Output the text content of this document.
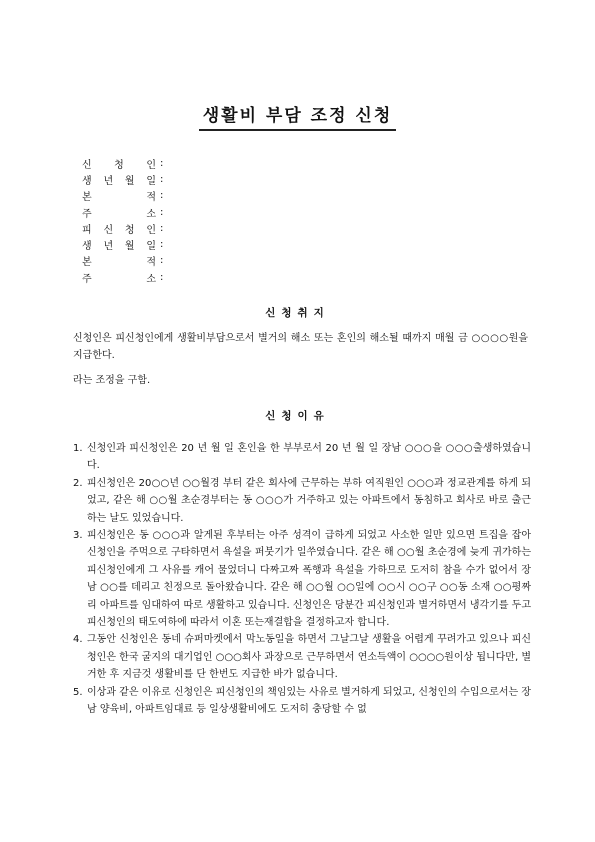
생활비 부담 조정 신청
신 청 인 :
생 년 월 일 :
본	적 :
주	소 :
피 신 청 인 :
생 년 월 일 :
본	적 :
주	소 :
신청취지
신청인은 피신청인에게 생활비부담으로서 별거의 해소 또는 혼인의 해소될 때까지 매월 금 ○○○○원을 지급한다.
라는 조정을 구함.
신청이유
1. 신청인과 피신청인은 20 년 월 일 혼인을 한 부부로서 20 년 월 일 장남 ○○○을 ○○○출생하였습니다.
2. 피신청인은 20○○년 ○○월경 부터 같은 회사에 근무하는 부하 여직원인 ○○○과 정교관계를 하게 되었고, 같은 해 ○○월 초순경부터는 동 ○○○가 거주하고 있는 아파트에서 동침하고 회사로 바로 출근하는 날도 있었습니다.
3. 피신청인은 동 ○○○과 알게된 후부터는 아주 성격이 급하게 되었고 사소한 일만 있으면 트집을 잡아 신청인을 주먹으로 구타하면서 욕설을 퍼붓기가 일쑤였습니다. 같은 해 ○○월 초순경에 늦게 귀가하는 피신청인에게 그 사유를 캐어 물었더니 다짜고짜 폭행과 욕설을 가하므로 도저히 참을 수가 없어서 장남 ○○를 데리고 친정으로 돌아왔습니다. 같은 해 ○○월 ○○일에 ○○시 ○○구 ○○동 소재 ○○평짜리 아파트를 임대하여 따로 생활하고 있습니다. 신청인은 당분간 피신청인과 별거하면서 냉각기를 두고 피신청인의 태도여하에 따라서 이혼 또는재결합을 결정하고자 합니다.
4. 그동안 신청인은 동네 슈퍼마켓에서 막노동일을 하면서 그날그날 생활을 어렵게 꾸려가고 있으나 피신청인은 한국 굴지의 대기업인 ○○○회사 과장으로 근무하면서 연소득액이 ○○○○원이상 됩니다만, 별거한 후 지금것 생활비를 단 한번도 지급한 바가 없습니다.
5. 이상과 같은 이유로 신청인은 피신청인의 책임있는 사유로 별거하게 되었고, 신청인의 수입으로서는 장남 양육비, 아파트임대료 등 일상생활비에도 도저히 충당할 수 없
